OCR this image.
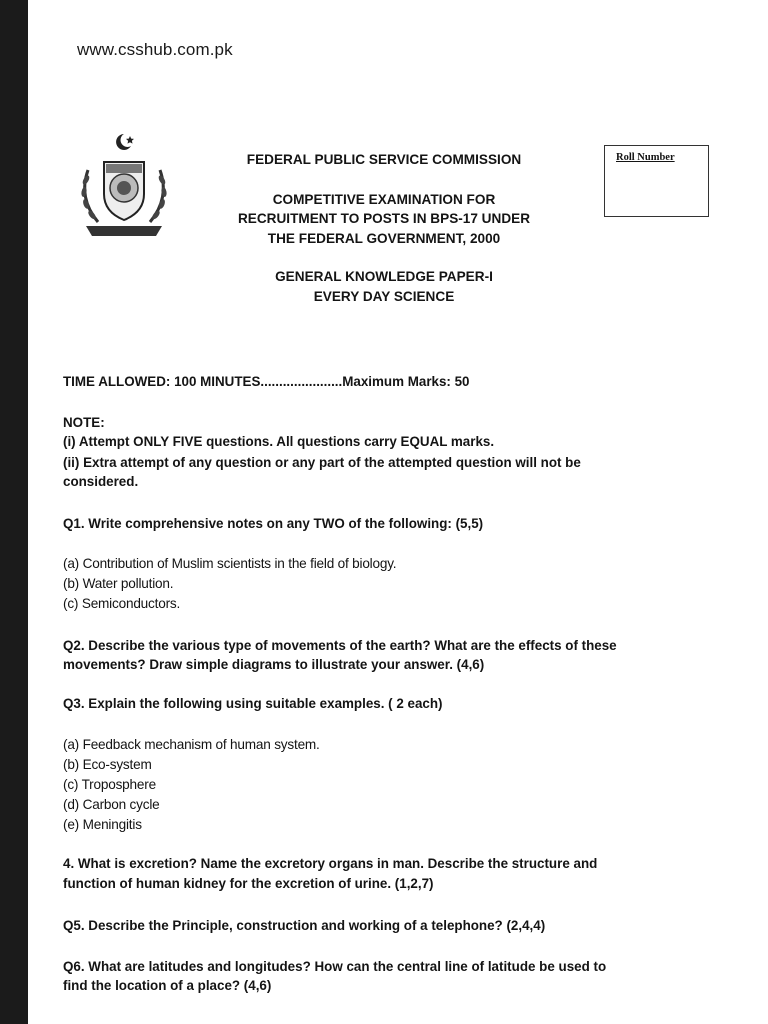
www.csshub.com.pk
FEDERAL PUBLIC SERVICE COMMISSION
COMPETITIVE EXAMINATION FOR
RECRUITMENT TO POSTS IN BPS-17 UNDER
THE FEDERAL GOVERNMENT, 2000
GENERAL KNOWLEDGE PAPER-I
EVERY DAY SCIENCE
Roll Number
TIME ALLOWED: 100 MINUTES......................Maximum Marks: 50
NOTE:
(i) Attempt ONLY FIVE questions. All questions carry EQUAL marks.
(ii) Extra attempt of any question or any part of the attempted question will not be
considered.
Q1. Write comprehensive notes on any TWO of the following: (5,5)
(a) Contribution of Muslim scientists in the field of biology.
(b) Water pollution.
(c) Semiconductors.
Q2. Describe the various type of movements of the earth? What are the effects of these
movements? Draw simple diagrams to illustrate your answer. (4,6)
Q3. Explain the following using suitable examples. ( 2 each)
(a) Feedback mechanism of human system.
(b) Eco-system
(c) Troposphere
(d) Carbon cycle
(e) Meningitis
4. What is excretion? Name the excretory organs in man. Describe the structure and
function of human kidney for the excretion of urine. (1,2,7)
Q5. Describe the Principle, construction and working of a telephone? (2,4,4)
Q6. What are latitudes and longitudes? How can the central line of latitude be used to
find the location of a place? (4,6)
